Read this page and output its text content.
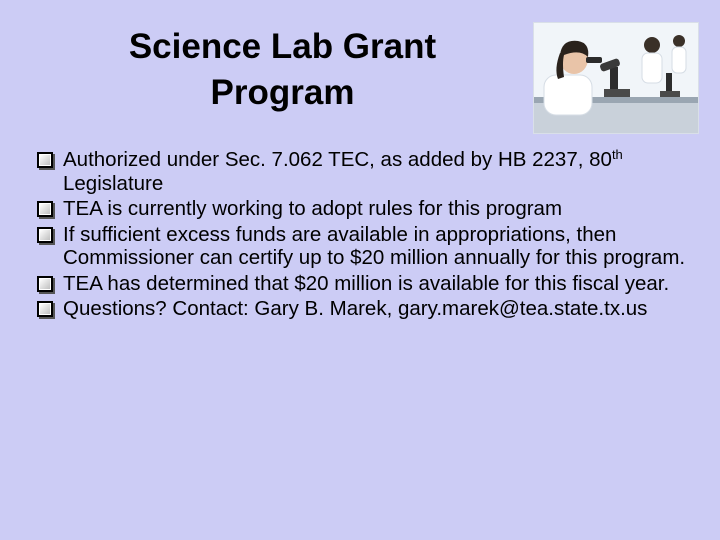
Science Lab Grant
Program
Authorized under Sec. 7.062 TEC, as added by HB 2237, 80th Legislature
TEA is currently working to adopt rules for this program
If sufficient excess funds are available in appropriations, then Commissioner can certify up to $20 million annually for this program.
TEA has determined that $20 million is available for this fiscal year.
Questions? Contact: Gary B. Marek, gary.marek@tea.state.tx.us
